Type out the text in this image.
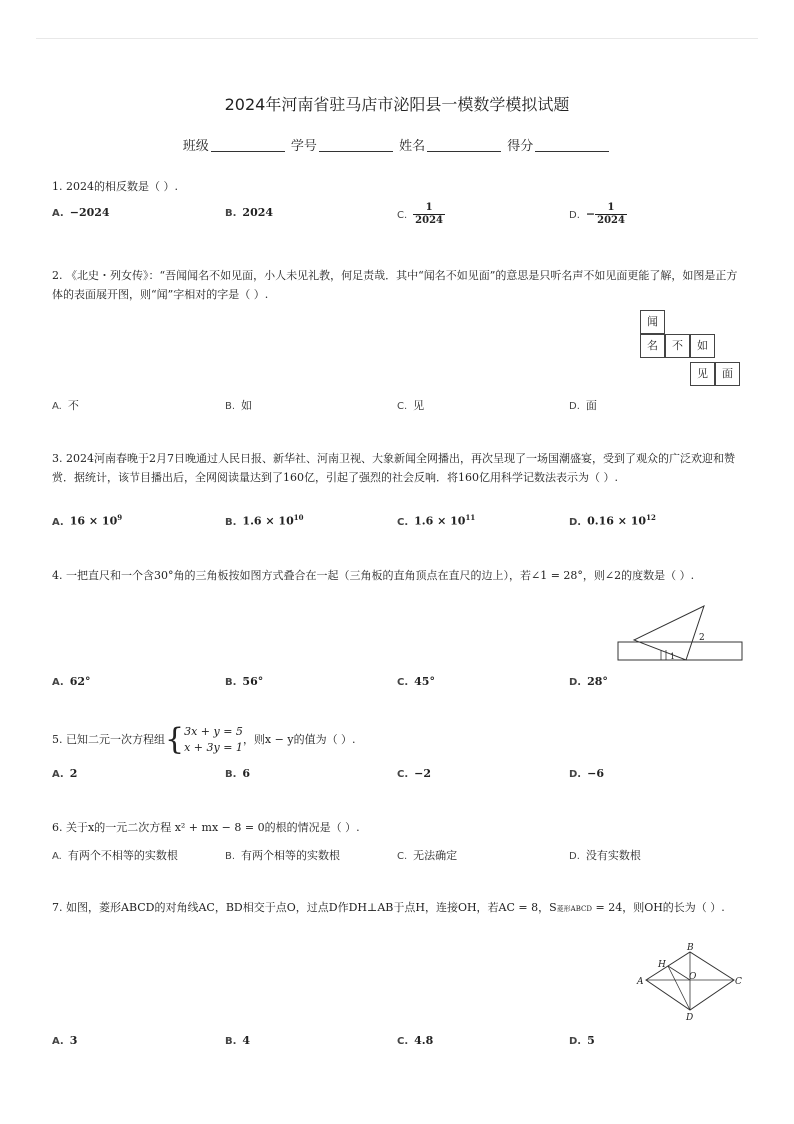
2024年河南省驻马店市泌阳县一模数学模拟试题
班级	学号	姓名	得分
1. 2024的相反数是（ ）.
A. −2024	B. 2024	C. $\frac{1}{2024}$	D. − $\frac{1}{2024}$
2. 《北史・列女传》：“吾闻闻名不如见面，小人未见礼教，何足责哉．其中“闻名不如见面”的意思是只听名声不如见面更能了解，如图是正方体的表面展开图，则“闻”字相对的字是（ ）.
闻
名	不	如
见	面
A. 不	B. 如	C. 见	D. 面
3. 2024河南春晚于2月7日晚通过人民日报、新华社、河南卫视、大象新闻全网播出，再次呈现了一场国潮盛宴，受到了观众的广泛欢迎和赞赏．据统计，该节目播出后，全网阅读量达到了160亿，引起了强烈的社会反响．将160亿用科学记数法表示为（ ）.
A. $16 \times 10^9$	B. $1.6 \times 10^{10}$	C. $1.6 \times 10^{11}$	D. $0.16 \times 10^{12}$
4. 一把直尺和一个含30°角的三角板按如图方式叠合在一起（三角板的直角顶点在直尺的边上），若∠1 = 28°，则∠2的度数是（ ）.
2
1
A. 62°	B. 56°	C. 45°	D. 28°
5. 已知二元一次方程组{ 3x + y = 5
x + 3y = 1
，则x − y的值为（ ）.
A. 2	B. 6	C. −2	D. −6
6. 关于x的一元二次方程 x² + mx − 8 = 0的根的情况是（ ）.
A. 有两个不相等的实数根	B. 有两个相等的实数根	C. 无法确定	D. 没有实数根
7. 如图，菱形ABCD的对角线AC，BD相交于点O，过点D作DH⊥AB于点H，连接OH，若AC = 8，S菱形ABCD = 24，则OH的长为（ ）.
B
H
O
A	C
D
A. 3	B. 4	C. 4.8	D. 5
